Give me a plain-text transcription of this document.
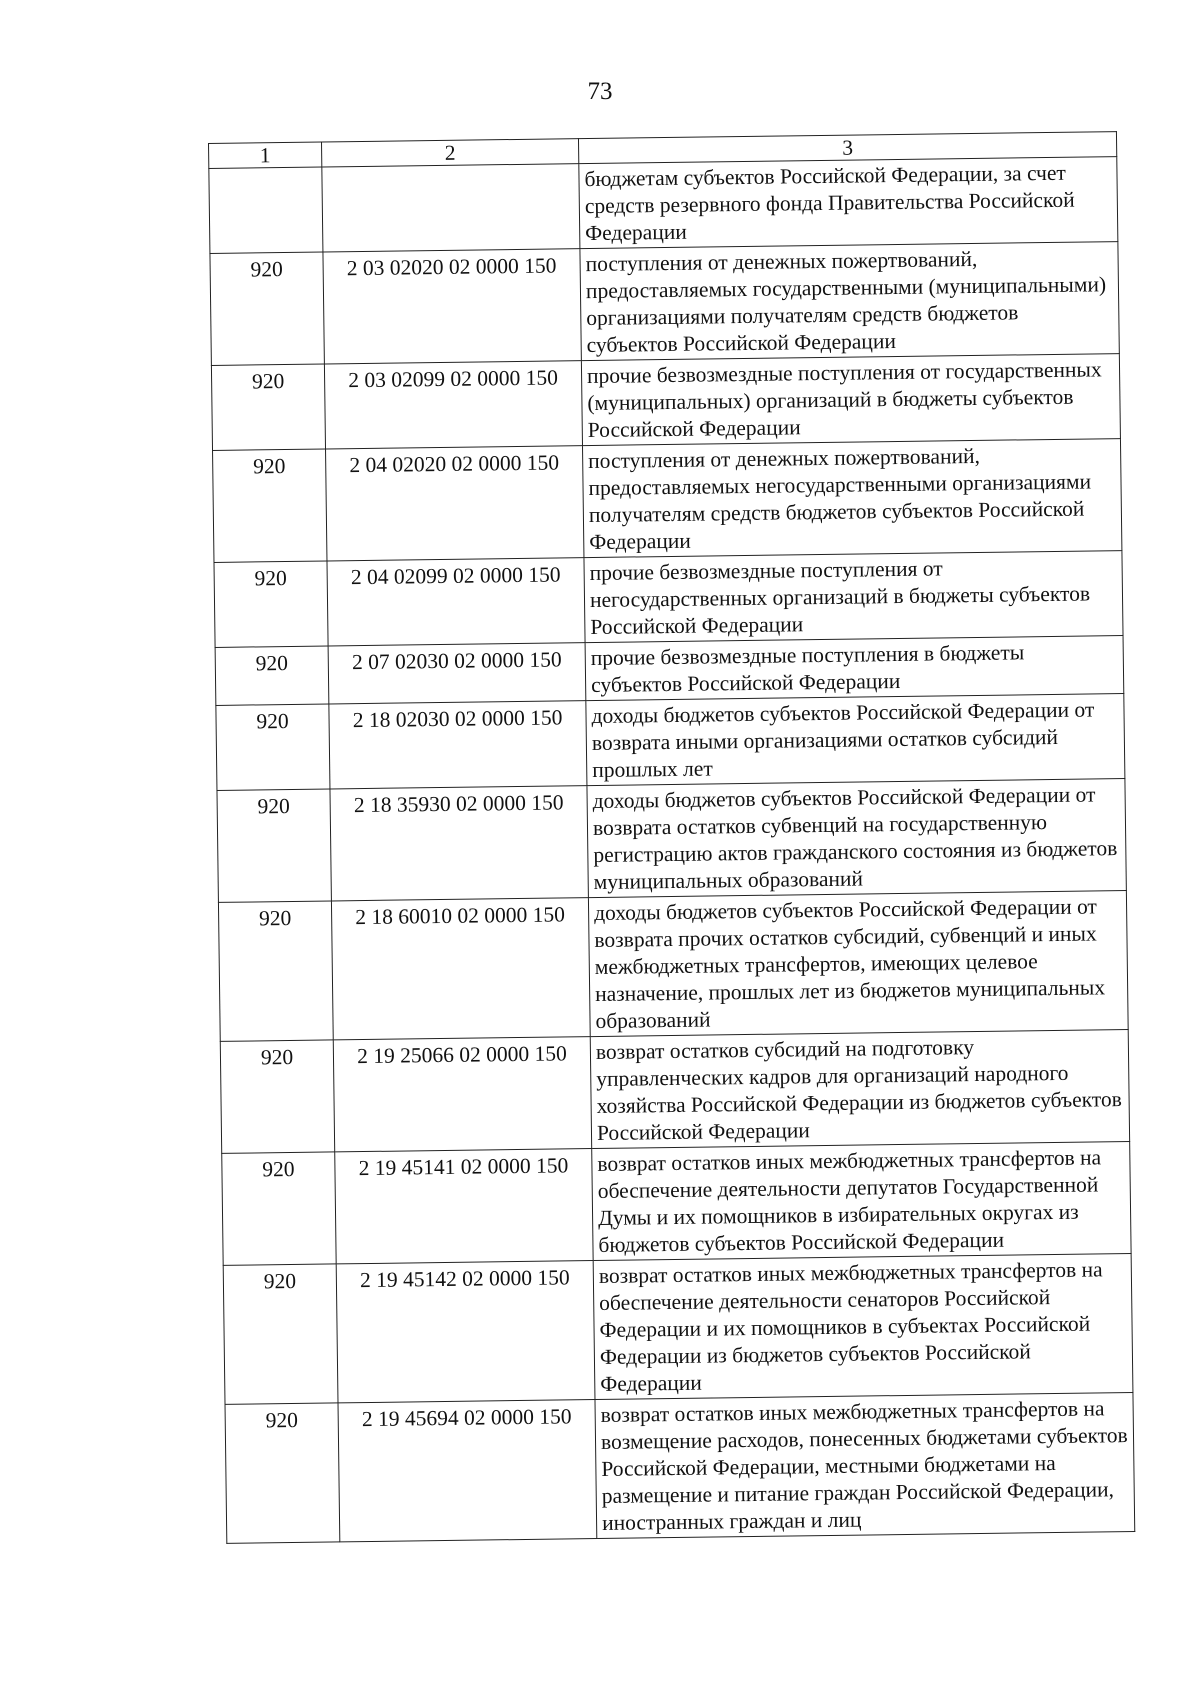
73
1	2	3
		бюджетам субъектов Российской Федерации, за счет средств резервного фонда Правительства Российской Федерации
920	2 03 02020 02 0000 150	поступления от денежных пожертвований, предоставляемых государственными (муниципальными) организациями получателям средств бюджетов субъектов Российской Федерации
920	2 03 02099 02 0000 150	прочие безвозмездные поступления от государственных (муниципальных) организаций в бюджеты субъектов Российской Федерации
920	2 04 02020 02 0000 150	поступления от денежных пожертвований, предоставляемых негосударственными организациями получателям средств бюджетов субъектов Российской Федерации
920	2 04 02099 02 0000 150	прочие безвозмездные поступления от негосударственных организаций в бюджеты субъектов Российской Федерации
920	2 07 02030 02 0000 150	прочие безвозмездные поступления в бюджеты субъектов Российской Федерации
920	2 18 02030 02 0000 150	доходы бюджетов субъектов Российской Федерации от возврата иными организациями остатков субсидий прошлых лет
920	2 18 35930 02 0000 150	доходы бюджетов субъектов Российской Федерации от возврата остатков субвенций на государственную регистрацию актов гражданского состояния из бюджетов муниципальных образований
920	2 18 60010 02 0000 150	доходы бюджетов субъектов Российской Федерации от возврата прочих остатков субсидий, субвенций и иных межбюджетных трансфертов, имеющих целевое назначение, прошлых лет из бюджетов муниципальных образований
920	2 19 25066 02 0000 150	возврат остатков субсидий на подготовку управленческих кадров для организаций народного хозяйства Российской Федерации из бюджетов субъектов Российской Федерации
920	2 19 45141 02 0000 150	возврат остатков иных межбюджетных трансфертов на обеспечение деятельности депутатов Государственной Думы и их помощников в избирательных округах из бюджетов субъектов Российской Федерации
920	2 19 45142 02 0000 150	возврат остатков иных межбюджетных трансфертов на обеспечение деятельности сенаторов Российской Федерации и их помощников в субъектах Российской Федерации из бюджетов субъектов Российской Федерации
920	2 19 45694 02 0000 150	возврат остатков иных межбюджетных трансфертов на возмещение расходов, понесенных бюджетами субъектов Российской Федерации, местными бюджетами на размещение и питание граждан Российской Федерации, иностранных граждан и лиц
